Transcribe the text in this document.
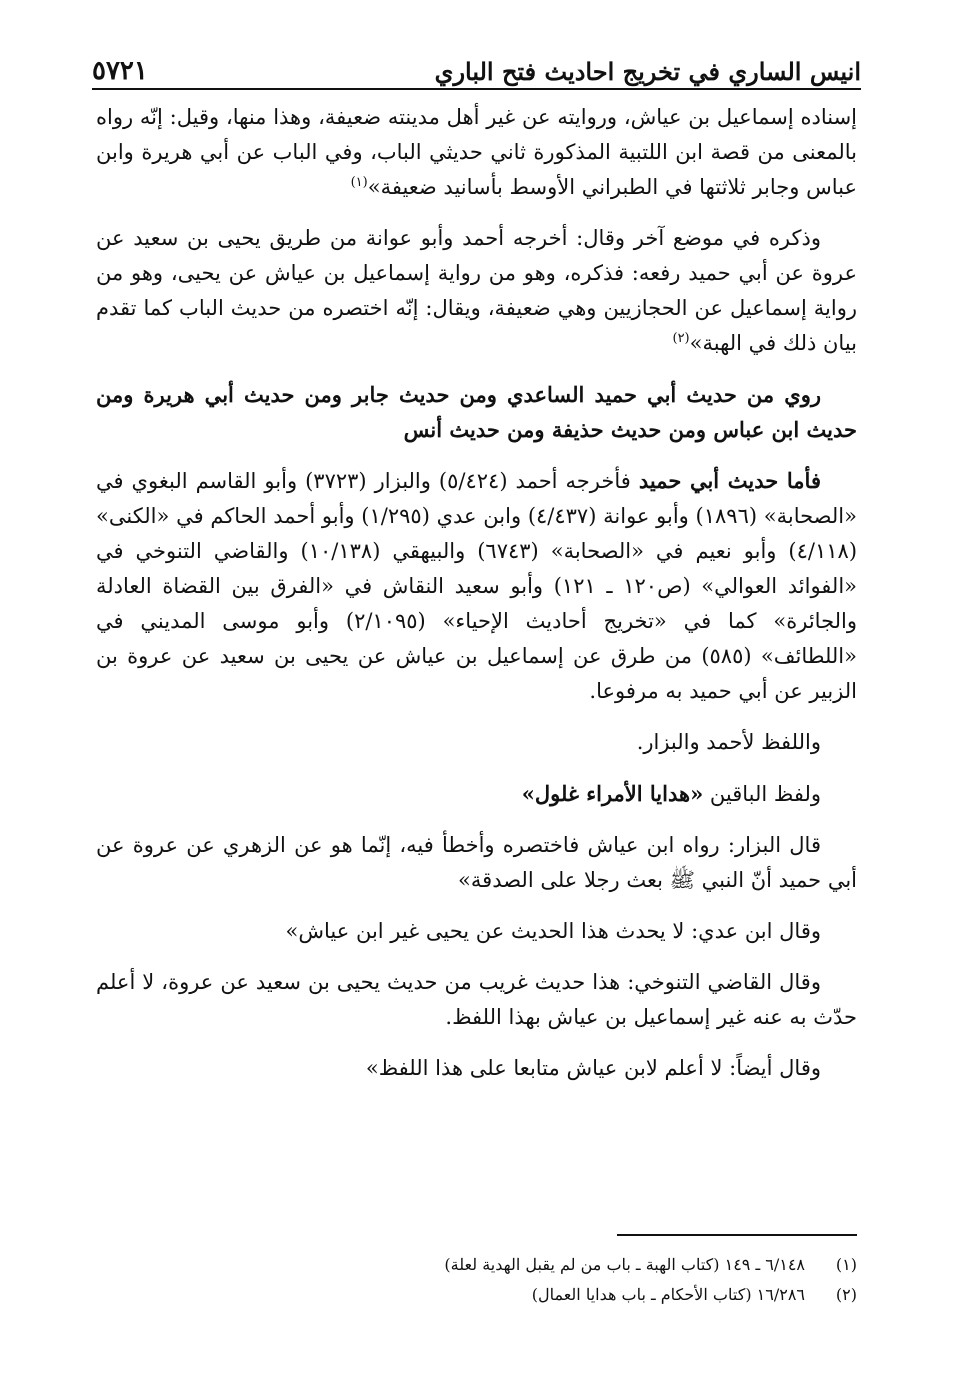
انيس الساري في تخريج احاديث فتح الباري
٥٧٢١

إسناده إسماعيل بن عياش، وروايته عن غير أهل مدينته ضعيفة، وهذا منها، وقيل: إنّه رواه بالمعنى من قصة ابن اللتبية المذكورة ثاني حديثي الباب، وفي الباب عن أبي هريرة وابن عباس وجابر ثلاثتها في الطبراني الأوسط بأسانيد ضعيفة»$^{(١)}$

وذكره في موضع آخر وقال: أخرجه أحمد وأبو عوانة من طريق يحيى بن سعيد عن عروة عن أبي حميد رفعه: فذكره، وهو من رواية إسماعيل بن عياش عن يحيى، وهو من رواية إسماعيل عن الحجازيين وهي ضعيفة، ويقال: إنّه اختصره من حديث الباب كما تقدم بيان ذلك في الهبة»$^{(٢)}$

روي من حديث أبي حميد الساعدي ومن حديث جابر ومن حديث أبي هريرة ومن حديث ابن عباس ومن حديث حذيفة ومن حديث أنس

فأما حديث أبي حميد فأخرجه أحمد (٥/٤٢٤) والبزار (٣٧٢٣) وأبو القاسم البغوي في «الصحابة» (١٨٩٦) وأبو عوانة (٤/٤٣٧) وابن عدي (١/٢٩٥) وأبو أحمد الحاكم في «الكنى» (٤/١١٨) وأبو نعيم في «الصحابة» (٦٧٤٣) والبيهقي (١٠/١٣٨) والقاضي التنوخي في «الفوائد العوالي» (ص١٢٠ ـ ١٢١) وأبو سعيد النقاش في «الفرق بين القضاة العادلة والجائرة» كما في «تخريج أحاديث الإحياء» (٢/١٠٩٥) وأبو موسى المديني في «اللطائف» (٥٨٥) من طرق عن إسماعيل بن عياش عن يحيى بن سعيد عن عروة بن الزبير عن أبي حميد به مرفوعا.

واللفظ لأحمد والبزار.

ولفظ الباقين «هدايا الأمراء غلول»

قال البزار: رواه ابن عياش فاختصره وأخطأ فيه، إنّما هو عن الزهري عن عروة عن أبي حميد أنّ النبي ﷺ بعث رجلا على الصدقة»

وقال ابن عدي: لا يحدث هذا الحديث عن يحيى غير ابن عياش»

وقال القاضي التنوخي: هذا حديث غريب من حديث يحيى بن سعيد عن عروة، لا أعلم حدّث به عنه غير إسماعيل بن عياش بهذا اللفظ.

وقال أيضاً: لا أعلم لابن عياش متابعا على هذا اللفظ»

(١)
٦/١٤٨ ـ ١٤٩ (كتاب الهبة ـ باب من لم يقبل الهدية لعلة)
(٢)
١٦/٢٨٦ (كتاب الأحكام ـ باب هدايا العمال)
